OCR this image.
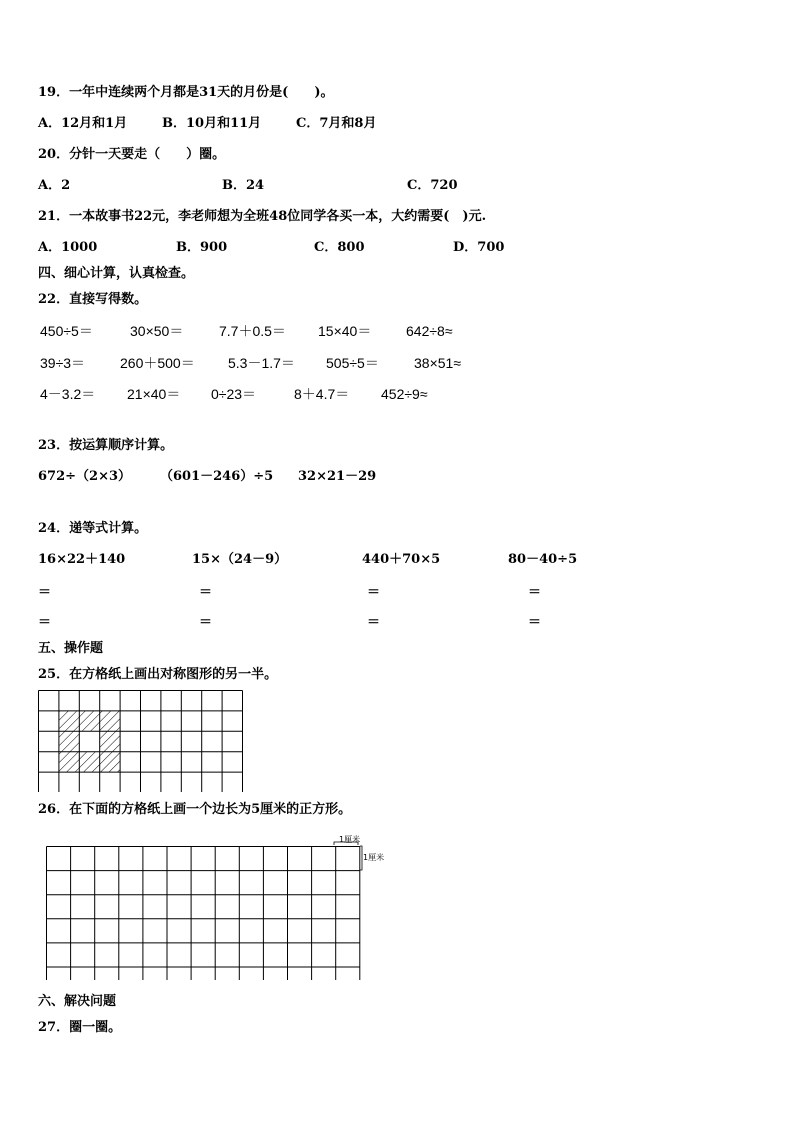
19．一年中连续两个月都是31天的月份是(　　)。
A．12月和1月	B．10月和11月	C．7月和8月
20．分针一天要走（　　）圈。
A．2	B．24	C．720
21．一本故事书22元，李老师想为全班48位同学各买一本，大约需要(　)元.
A．1000	B．900	C．800	D．700
四、细心计算，认真检查。
22．直接写得数。
450÷5＝	30×50＝	7.7＋0.5＝ 15×40＝ 642÷8≈
39÷3＝ 260＋500＝ 5.3－1.7＝ 505÷5＝	38×51≈
4－3.2＝ 21×40＝ 0÷23＝	8＋4.7＝ 452÷9≈
23．按运算顺序计算。
672÷（2×3） （601－246）÷5 32×21－29
24．递等式计算。
16×22＋140	15×（24－9）	440＋70×5	80－40÷5
＝	＝	＝	＝
＝	＝	＝	＝
五、操作题
25．在方格纸上画出对称图形的另一半。
26．在下面的方格纸上画一个边长为5厘米的正方形。
1厘米
1厘米
六、解决问题
27．圈一圈。
